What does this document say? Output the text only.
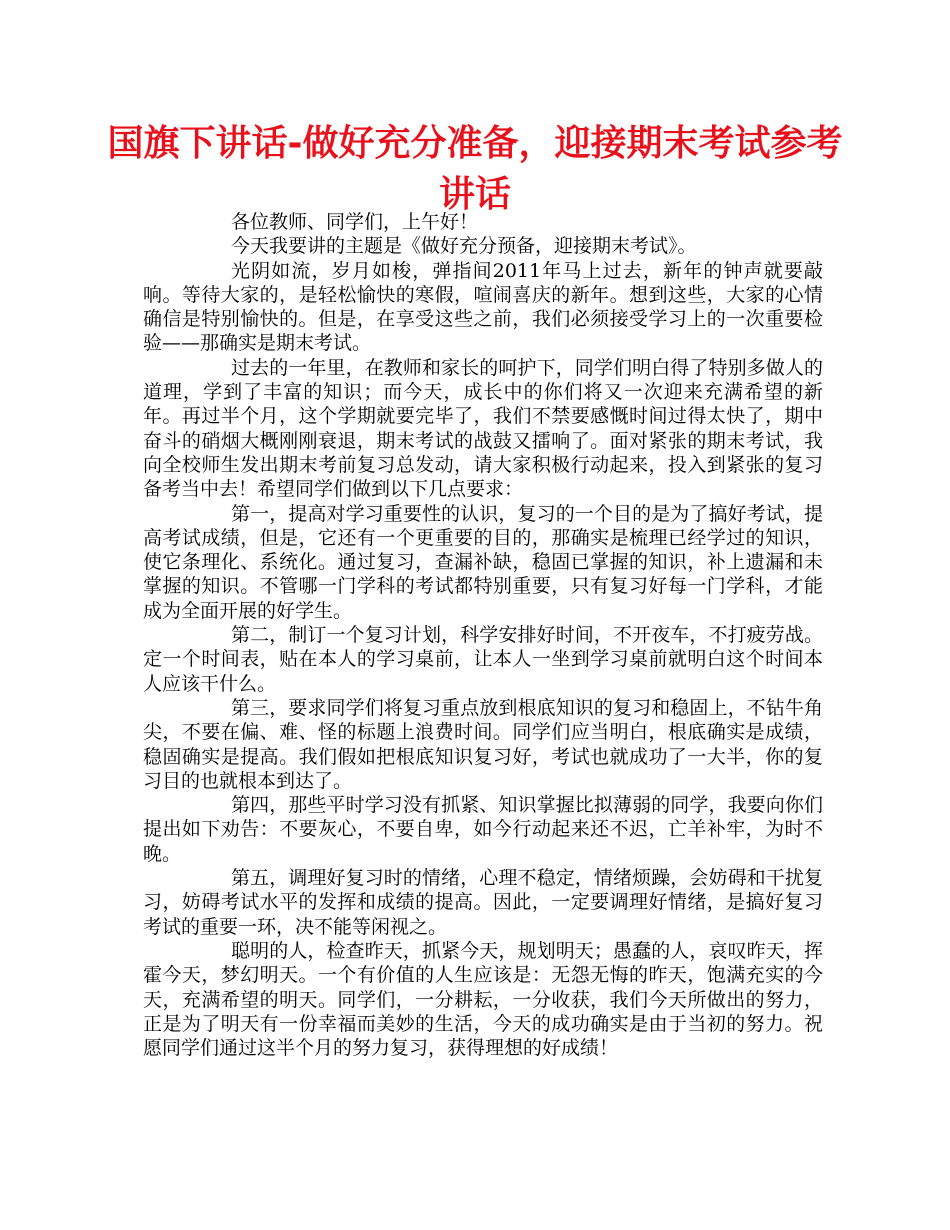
国旗下讲话-做好充分准备，迎接期末考试参考讲话

各位教师、同学们，上午好！

今天我要讲的主题是《做好充分预备，迎接期末考试》。

光阴如流，岁月如梭，弹指间2011年马上过去，新年的钟声就要敲响。等待大家的，是轻松愉快的寒假，喧闹喜庆的新年。想到这些，大家的心情确信是特别愉快的。但是，在享受这些之前，我们必须接受学习上的一次重要检验——那确实是期末考试。

过去的一年里，在教师和家长的呵护下，同学们明白得了特别多做人的道理，学到了丰富的知识；而今天，成长中的你们将又一次迎来充满希望的新年。再过半个月，这个学期就要完毕了，我们不禁要感慨时间过得太快了，期中奋斗的硝烟大概刚刚衰退，期末考试的战鼓又擂响了。面对紧张的期末考试，我向全校师生发出期末考前复习总发动，请大家积极行动起来，投入到紧张的复习备考当中去！希望同学们做到以下几点要求：

第一，提高对学习重要性的认识，复习的一个目的是为了搞好考试，提高考试成绩，但是，它还有一个更重要的目的，那确实是梳理已经学过的知识，使它条理化、系统化。通过复习，查漏补缺，稳固已掌握的知识，补上遗漏和未掌握的知识。不管哪一门学科的考试都特别重要，只有复习好每一门学科，才能成为全面开展的好学生。

第二，制订一个复习计划，科学安排好时间，不开夜车，不打疲劳战。定一个时间表，贴在本人的学习桌前，让本人一坐到学习桌前就明白这个时间本人应该干什么。

第三，要求同学们将复习重点放到根底知识的复习和稳固上，不钻牛角尖，不要在偏、难、怪的标题上浪费时间。同学们应当明白，根底确实是成绩，稳固确实是提高。我们假如把根底知识复习好，考试也就成功了一大半，你的复习目的也就根本到达了。

第四，那些平时学习没有抓紧、知识掌握比拟薄弱的同学，我要向你们提出如下劝告：不要灰心，不要自卑，如今行动起来还不迟，亡羊补牢，为时不晚。

第五，调理好复习时的情绪，心理不稳定，情绪烦躁，会妨碍和干扰复习，妨碍考试水平的发挥和成绩的提高。因此，一定要调理好情绪，是搞好复习考试的重要一环，决不能等闲视之。

聪明的人，检查昨天，抓紧今天，规划明天；愚蠢的人，哀叹昨天，挥霍今天，梦幻明天。一个有价值的人生应该是：无怨无悔的昨天，饱满充实的今天，充满希望的明天。同学们，一分耕耘，一分收获，我们今天所做出的努力，正是为了明天有一份幸福而美妙的生活，今天的成功确实是由于当初的努力。祝愿同学们通过这半个月的努力复习，获得理想的好成绩！
